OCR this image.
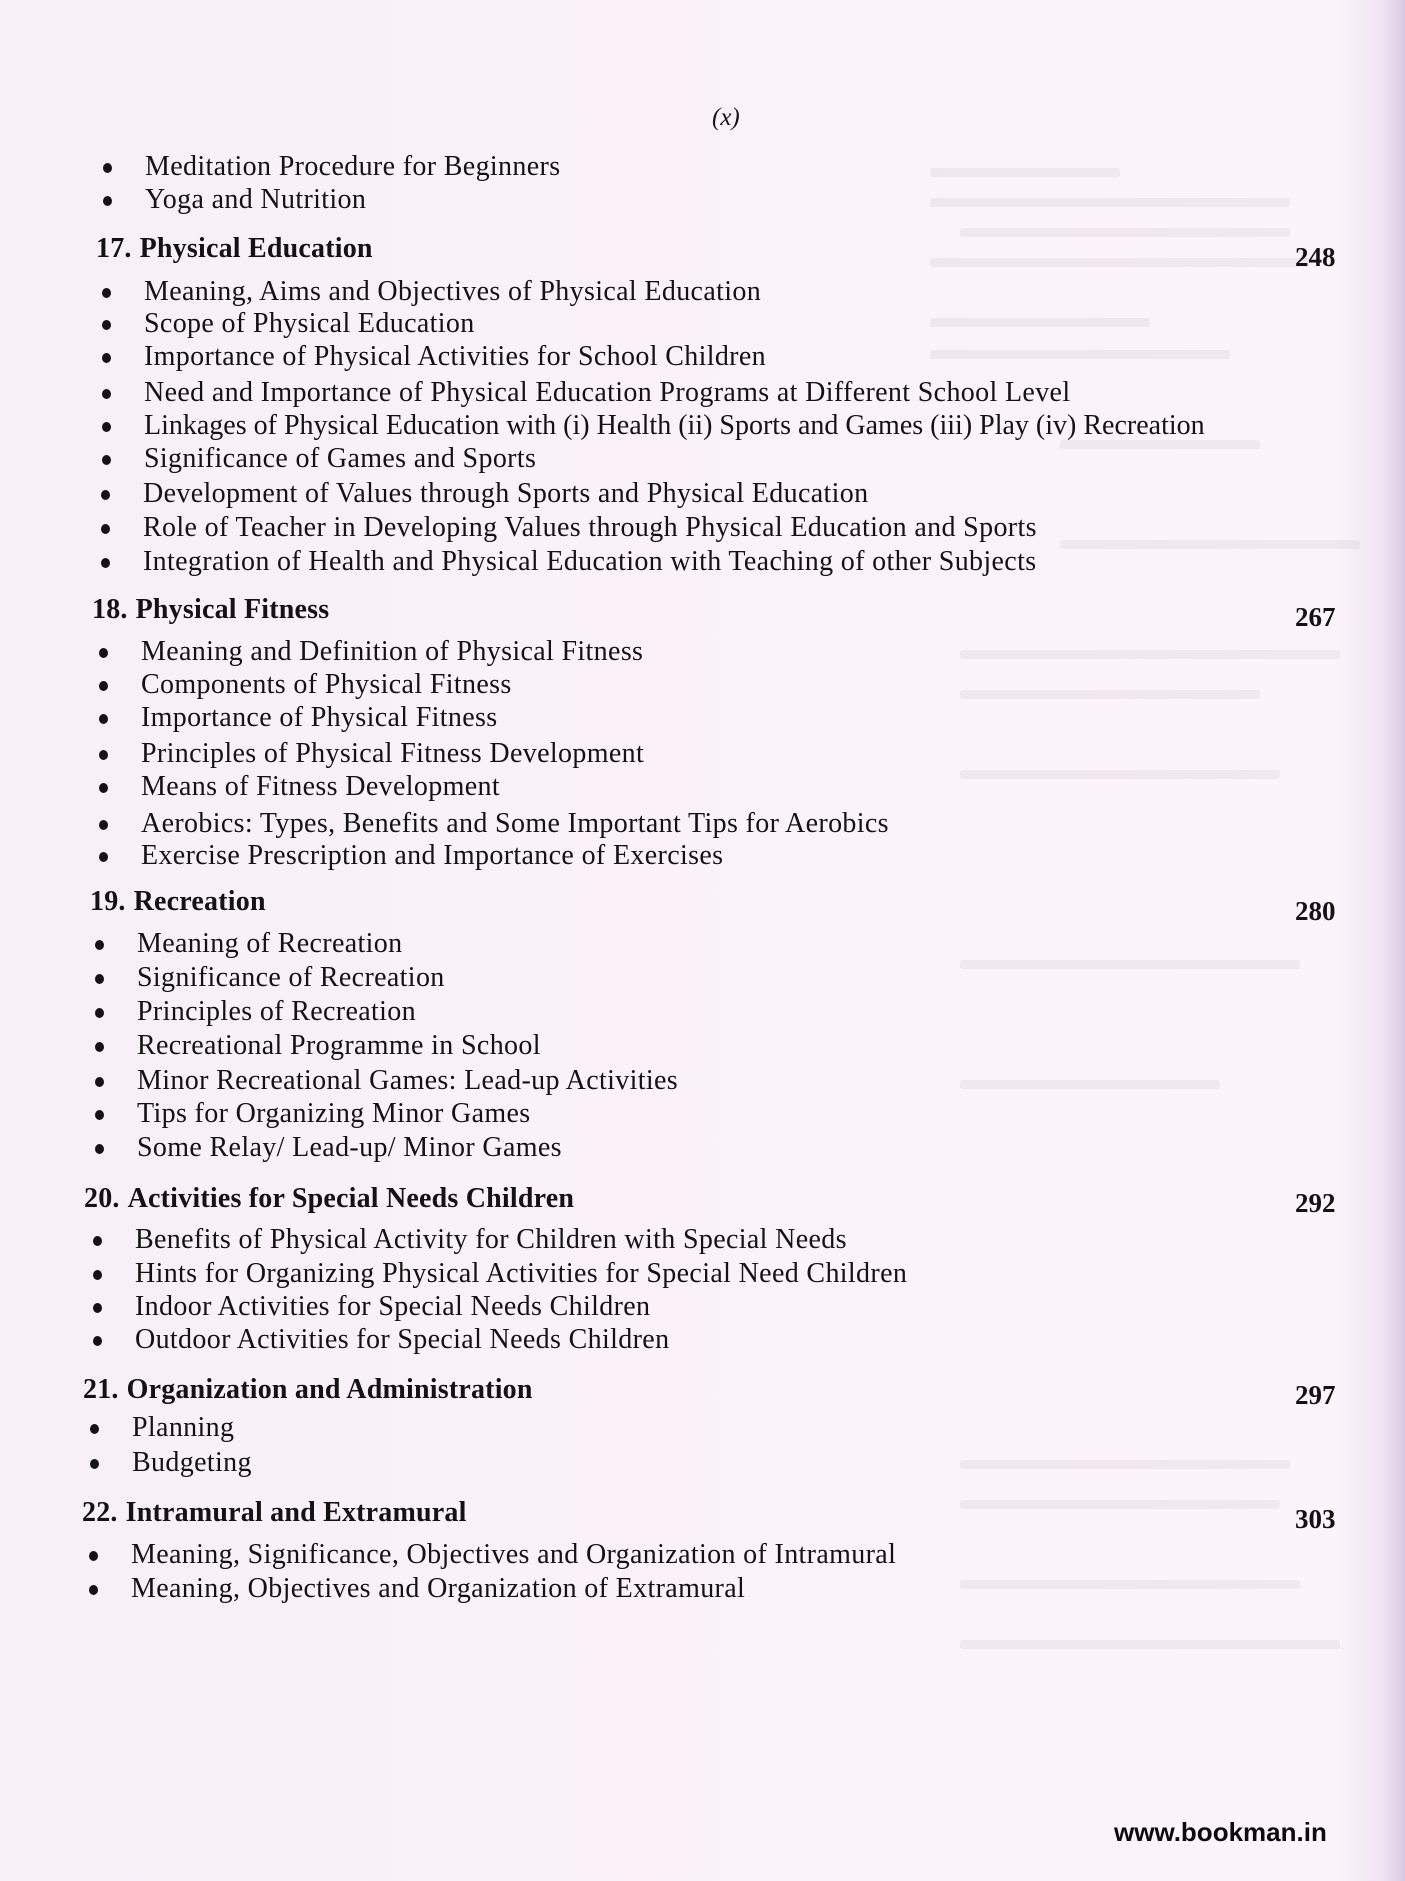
(x)
Meditation Procedure for Beginners
Yoga and Nutrition
17. Physical Education	248
Meaning, Aims and Objectives of Physical Education
Scope of Physical Education
Importance of Physical Activities for School Children
Need and Importance of Physical Education Programs at Different School Level
Linkages of Physical Education with (i) Health (ii) Sports and Games (iii) Play (iv) Recreation
Significance of Games and Sports
Development of Values through Sports and Physical Education
Role of Teacher in Developing Values through Physical Education and Sports
Integration of Health and Physical Education with Teaching of other Subjects
18. Physical Fitness	267
Meaning and Definition of Physical Fitness
Components of Physical Fitness
Importance of Physical Fitness
Principles of Physical Fitness Development
Means of Fitness Development
Aerobics: Types, Benefits and Some Important Tips for Aerobics
Exercise Prescription and Importance of Exercises
19. Recreation	280
Meaning of Recreation
Significance of Recreation
Principles of Recreation
Recreational Programme in School
Minor Recreational Games: Lead-up Activities
Tips for Organizing Minor Games
Some Relay/ Lead-up/ Minor Games
20. Activities for Special Needs Children	292
Benefits of Physical Activity for Children with Special Needs
Hints for Organizing Physical Activities for Special Need Children
Indoor Activities for Special Needs Children
Outdoor Activities for Special Needs Children
21. Organization and Administration	297
Planning
Budgeting
22. Intramural and Extramural	303
Meaning, Significance, Objectives and Organization of Intramural
Meaning, Objectives and Organization of Extramural
www.bookman.in
